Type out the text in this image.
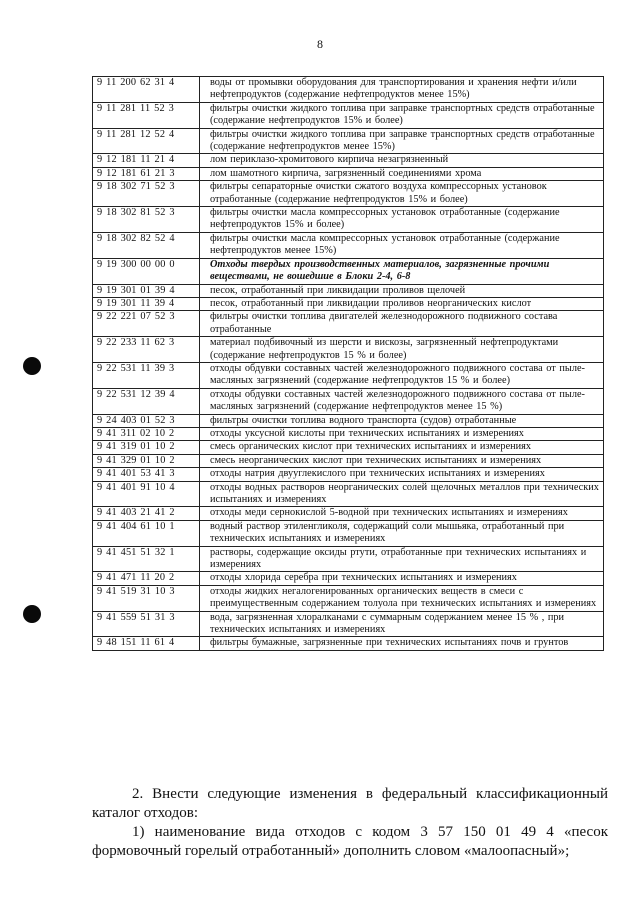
8
9 11 200 62 31 4	воды от промывки оборудования для транспортирования и хранения нефти и/или нефтепродуктов (содержание нефтепродуктов менее 15%)
9 11 281 11 52 3	фильтры очистки жидкого топлива при заправке транспортных средств отработанные (содержание нефтепродуктов 15% и более)
9 11 281 12 52 4	фильтры очистки жидкого топлива при заправке транспортных средств отработанные (содержание нефтепродуктов менее 15%)
9 12 181 11 21 4	лом периклазо-хромитового кирпича незагрязненный
9 12 181 61 21 3	лом шамотного кирпича, загрязненный соединениями хрома
9 18 302 71 52 3	фильтры сепараторные очистки сжатого воздуха компрессорных установок отработанные (содержание нефтепродуктов 15% и более)
9 18 302 81 52 3	фильтры очистки масла компрессорных установок отработанные (содержание нефтепродуктов 15% и более)
9 18 302 82 52 4	фильтры очистки масла компрессорных установок отработанные (содержание нефтепродуктов менее 15%)
9 19 300 00 00 0	Отходы твердых производственных материалов, загрязненные прочими веществами, не вошедшие в Блоки 2-4, 6-8
9 19 301 01 39 4	песок, отработанный при ликвидации проливов щелочей
9 19 301 11 39 4	песок, отработанный при ликвидации проливов неорганических кислот
9 22 221 07 52 3	фильтры очистки топлива двигателей железнодорожного подвижного состава отработанные
9 22 233 11 62 3	материал подбивочный из шерсти и вискозы, загрязненный нефтепродуктами (содержание нефтепродуктов 15 % и более)
9 22 531 11 39 3	отходы обдувки составных частей железнодорожного подвижного состава от пыле-масляных загрязнений (содержание нефтепродуктов 15 % и более)
9 22 531 12 39 4	отходы обдувки составных частей железнодорожного подвижного состава от пыле-масляных загрязнений (содержание нефтепродуктов менее 15 %)
9 24 403 01 52 3	фильтры очистки топлива водного транспорта (судов) отработанные
9 41 311 02 10 2	отходы уксусной кислоты при технических испытаниях и измерениях
9 41 319 01 10 2	смесь органических кислот при технических испытаниях и измерениях
9 41 329 01 10 2	смесь неорганических кислот при технических испытаниях и измерениях
9 41 401 53 41 3	отходы натрия двууглекислого при технических испытаниях и измерениях
9 41 401 91 10 4	отходы водных растворов неорганических солей щелочных металлов при технических испытаниях и измерениях
9 41 403 21 41 2	отходы меди сернокислой 5-водной при технических испытаниях и измерениях
9 41 404 61 10 1	водный раствор этиленгликоля, содержащий соли мышьяка, отработанный при технических испытаниях и измерениях
9 41 451 51 32 1	растворы, содержащие оксиды ртути, отработанные при технических испытаниях и измерениях
9 41 471 11 20 2	отходы хлорида серебра при технических испытаниях и измерениях
9 41 519 31 10 3	отходы жидких негалогенированных органических веществ в смеси с преимущественным содержанием толуола при технических испытаниях и измерениях
9 41 559 51 31 3	вода, загрязненная хлоралканами с суммарным содержанием менее 15 % , при технических испытаниях и измерениях
9 48 151 11 61 4	фильтры бумажные, загрязненные при технических испытаниях почв и грунтов

2. Внести следующие изменения в федеральный классификационный каталог отходов:

1) наименование вида отходов с кодом 3 57 150 01 49 4 «песок формовочный горелый отработанный» дополнить словом «малоопасный»;
